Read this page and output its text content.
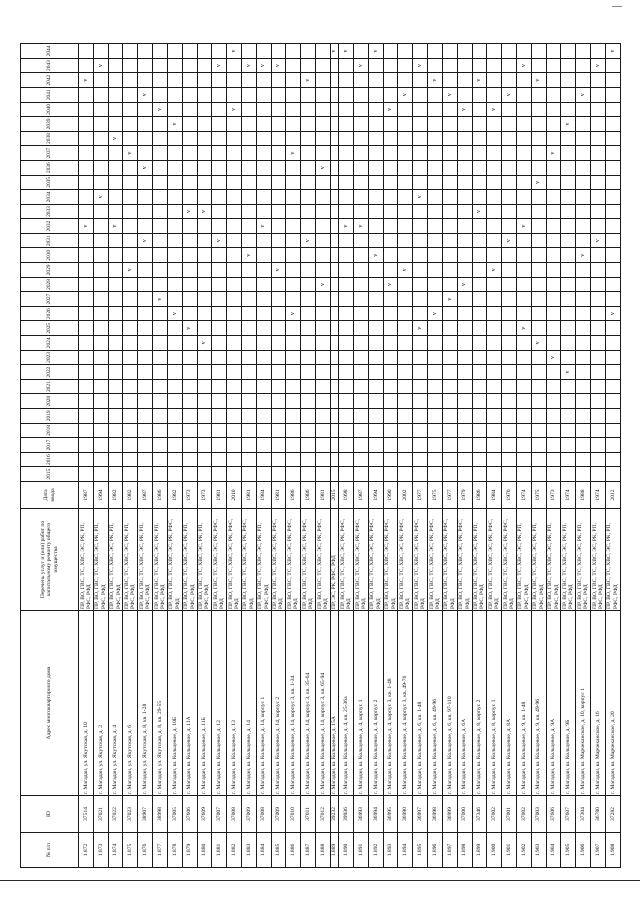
№ п/п	ID	Адрес многоквартирного дома	Перечень услуг и (или) работ по капитальному ремонту общего имущества	Дата ввода	2015	2016	2017	2018	2019	2020	2021	2022	2023	2024	2025	2026	2027	2028	2029	2030	2031	2032	2033	2034	2035	2036	2037	2038	2039	2040	2041	2042	2043	2044
1.872	37514	г. Магадан, ул. Якутская, д. 10	ПР, ВО, ГВС, ТС, ХВС, ЭС, РК, РП, РФС, РФД	1987																		v										v		
1.873	37021	г. Магадан, ул. Якутская, д. 2	ПР, ВО, ГВС, ТС, ХВС, ЭС, РК, РП, РФС, РФД	1994																				v									v	
1.874	37022	г. Магадан, ул. Якутская, д. 4	ПР, ВО, ГВС, ТС, ХВС, ЭС, РК, РП, РФС, РФД	1982																		v						v						
1.875	37023	г. Магадан, ул. Якутская, д. 6	ПР, ВО, ГВС, ТС, ХВС, ЭС, РК, РП, РФС, РФД	1982															v								v							
1.876	38907	г. Магадан, ул. Якутская, д. 8, кв. 1-28	ПР, ВО, ГВС, ТС, ХВС, ЭС, РК, РП, РФС, РФД	1987																	v					v					v			
1.877	38998	г. Магадан, ул. Якутская, д. 8, кв. 29-55	ПР, ВО, ГВС, ТС, ХВС, ЭС, РК, РП, РФС, РФД	1986													v													v				
1.878	37005	г. Магадан, ш. Кольцевое, д. 10Б	ПР, ВО, ГВС, ТС, ХВС, ЭС, РК, РФС, РФД	1982												v													v					
1.879	37606	г. Магадан, ш. Кольцевое, д. 11А	ПР, ВО, ГВС, ТС, ХВС, ЭС, РК, РП, РФС, РФД	1973											v								v											
1.880	37609	г. Магадан, ш. Кольцевое, д. 11Б	ПР, ВО, ГВС, ТС, ХВС, ЭС, РК, РП, РФС, РФД	1973										v									v											
1.881	37007	г. Магадан, ш. Кольцевое, д. 12	ПР, ВО, ГВС, ТС, ХВС, ЭС, РК, РФС, РФД	1981																	v												v	
1.882	37008	г. Магадан, ш. Кольцевое, д. 13	ПР, ВО, ГВС, ТС, ХВС, ЭС, РК, РФС, РФД	2010																										v				v
1.883	37009	г. Магадан, ш. Кольцевое, д. 14	ПР, ВО, ГВС, ТС, ХВС, ЭС, РК, РФС, РФД	1981																v													v	
1.884	37008	г. Магадан, ш. Кольцевое, д. 14, корпус 1	ПР, ВО, ГВС, ТС, ХВС, ЭС, РК, РП, РФС, РФД	1984																		v											v	
1.885	37009	г. Магадан, ш. Кольцевое, д. 14, корпус 2	ПР, ВО, ГВС, ТС, ХВС, ЭС, РК, РФС, РФД	1981															v														v	
1.886	37010	г. Магадан, ш. Кольцевое, д. 14, корпус 3, кв. 1-34	ПР, ВО, ГВС, ТС, ХВС, ЭС, РК, РФС, РФД	1986												v											v							
1.887	37011	г. Магадан, ш. Кольцевое, д. 14, корпус 3, кв. 35-64	ПР, ВО, ГВС, ТС, ХВС, ЭС, РК, РФС, РФД	1986																	v											v		
1.888	37012	г. Магадан, ш. Кольцевое, д. 14, корпус 3, кв. 65-94	ПР, ВО, ГВС, ТС, ХВС, ЭС, РК, РФС, РФД	1981														v								v								
1.889	39232	г. Магадан, ш. Кольцевое, д. 15А	ПР, ЭС, РК, РФС, РФД	2015																														v
1.890	39936	г. Магадан, ш. Кольцевое, д. 4, кв. 25-36а	ПР, ВО, ГВС, ТС, ХВС, ЭС, РК, РФС, РФД	1998																		v												v
1.891	36993	г. Магадан, ш. Кольцевое, д. 4, корпус 1	ПР, ВО, ГВС, ТС, ХВС, ЭС, РК, РФС, РФД	1987																		v											v	
1.892	36994	г. Магадан, ш. Кольцевое, д. 4, корпус 2	ПР, ВО, ГВС, ТС, ХВС, ЭС, РК, РФС, РФД	1994																v														v
1.893	36995	г. Магадан, ш. Кольцевое, д. 4, корпус 3, кв. 1-48	ПР, ВО, ГВС, ТС, ХВС, ЭС, РК, РФС, РФД	1990														v												v				
1.894	36990	г. Магадан, ш. Кольцевое, д. 4, корпус 3, кв. 49-76	ПР, ВО, ГВС, ТС, ХВС, ЭС, РК, РФС, РФД	2002															v												v			
1.895	36997	г. Магадан, ш. Кольцевое, д. 6, кв. 1-48	ПР, ВО, ГВС, ТС, ХВС, ЭС, РК, РФС, РФД	1977											v									v									v	
1.896	36998	г. Магадан, ш. Кольцевое, д. 6, кв. 49-96	ПР, ВО, ГВС, ТС, ХВС, ЭС, РК, РФС, РФД	1975												v																v		
1.897	36999	г. Магадан, ш. Кольцевое, д. 6, кв. 97-110	ПР, ВО, ГВС, ТС, ХВС, ЭС, РК, РФС, РФД	1977													v														v			
1.898	37000	г. Магадан, ш. Кольцевое, д. 6А	ПР, ВО, ГВС, ТС, ХВС, ЭС, РК, РФС, РФД	1979														v												v				
1.899	37346	г. Магадан, ш. Кольцевое, д. 8, корпус 2	ПР, ВО, ГВС, ТС, ХВС, ЭС, РК, РП, РФС, РФД	1986																			v									v		
1.900	37002	г. Магадан, ш. Кольцевое, д. 8, корпус 1	ПР, ВО, ГВС, ТС, ХВС, ЭС, РК, РФС, РФД	1984															v											v				
1.901	37001	г. Магадан, ш. Кольцевое, д. 8А	ПР, ВО, ГВС, ТС, ХВС, ЭС, РК, РФС, РФД	1970																	v										v			
1.902	37002	г. Магадан, ш. Кольцевое, д. 9, кв. 1-48	ПР, ВО, ГВС, ТС, ХВС, ЭС, РК, РП, РФС, РФД	1974											v							v											v	
1.903	37003	г. Магадан, ш. Кольцевое, д. 9, кв. 49-96	ПР, ВО, ГВС, ТС, ХВС, ЭС, РК, РП, РФС, РФД	1975										v											v							v		
1.904	37606	г. Магадан, ш. Кольцевое, д. 9А	ПР, ВО, ГВС, ТС, ХВС, ЭС, РК, РП, РФС, РФД	1973									v														v							
1.905	37607	г. Магадан, ш. Кольцевое, д. 9Б	ПР, ВО, ГВС, ТС, ХВС, ЭС, РК, РП, РФС, РФД	1974								v																	v					
1.906	37304	г. Магадан, ш. Марчеканское, д. 10, корпус 1	ПР, ВО, ГВС, ТС, ХВС, ЭС, РК, РП, РФС, РФД	1988																v											v			
1.907	36780	г. Магадан, ш. Марчеканское, д. 16	ПР, ВО, ГВС, ТС, ХВС, ЭС, РК, РП, РФС, РФД	1974																	v												v	
1.908	37282	г. Магадан, ш. Марчеканское, д. 20	ПР, ВО, ГВС, ТС, ХВС, ЭС, РК, РП, РФС, РФД	2012												v																		v
